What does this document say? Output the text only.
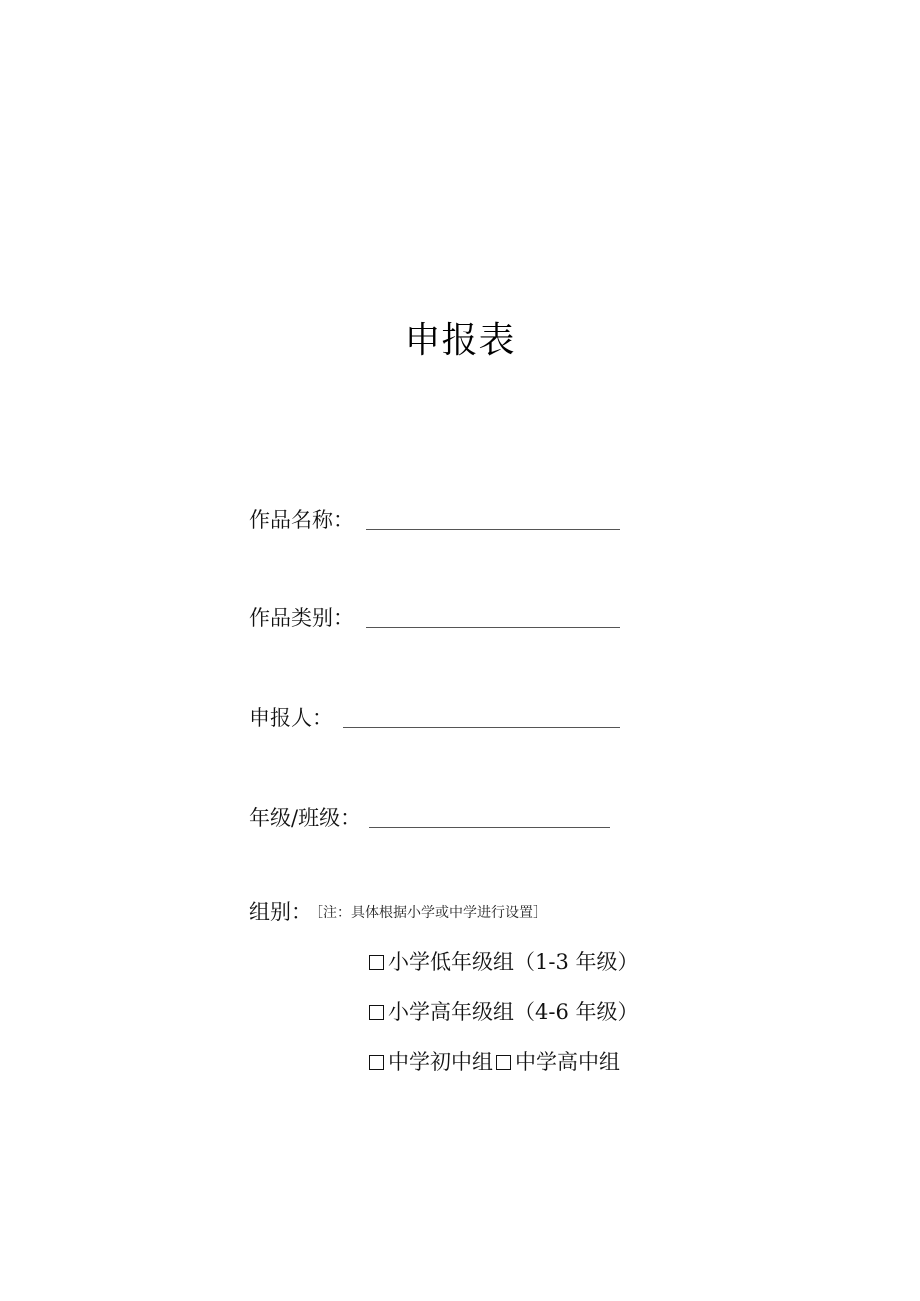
申报表
作品名称：
作品类别：
申报人：
年级/班级：
组别： ［注：具体根据小学或中学进行设置］
小学低年级组（1-3 年级）
小学高年级组（4-6 年级）
中学初中组 中学高中组
